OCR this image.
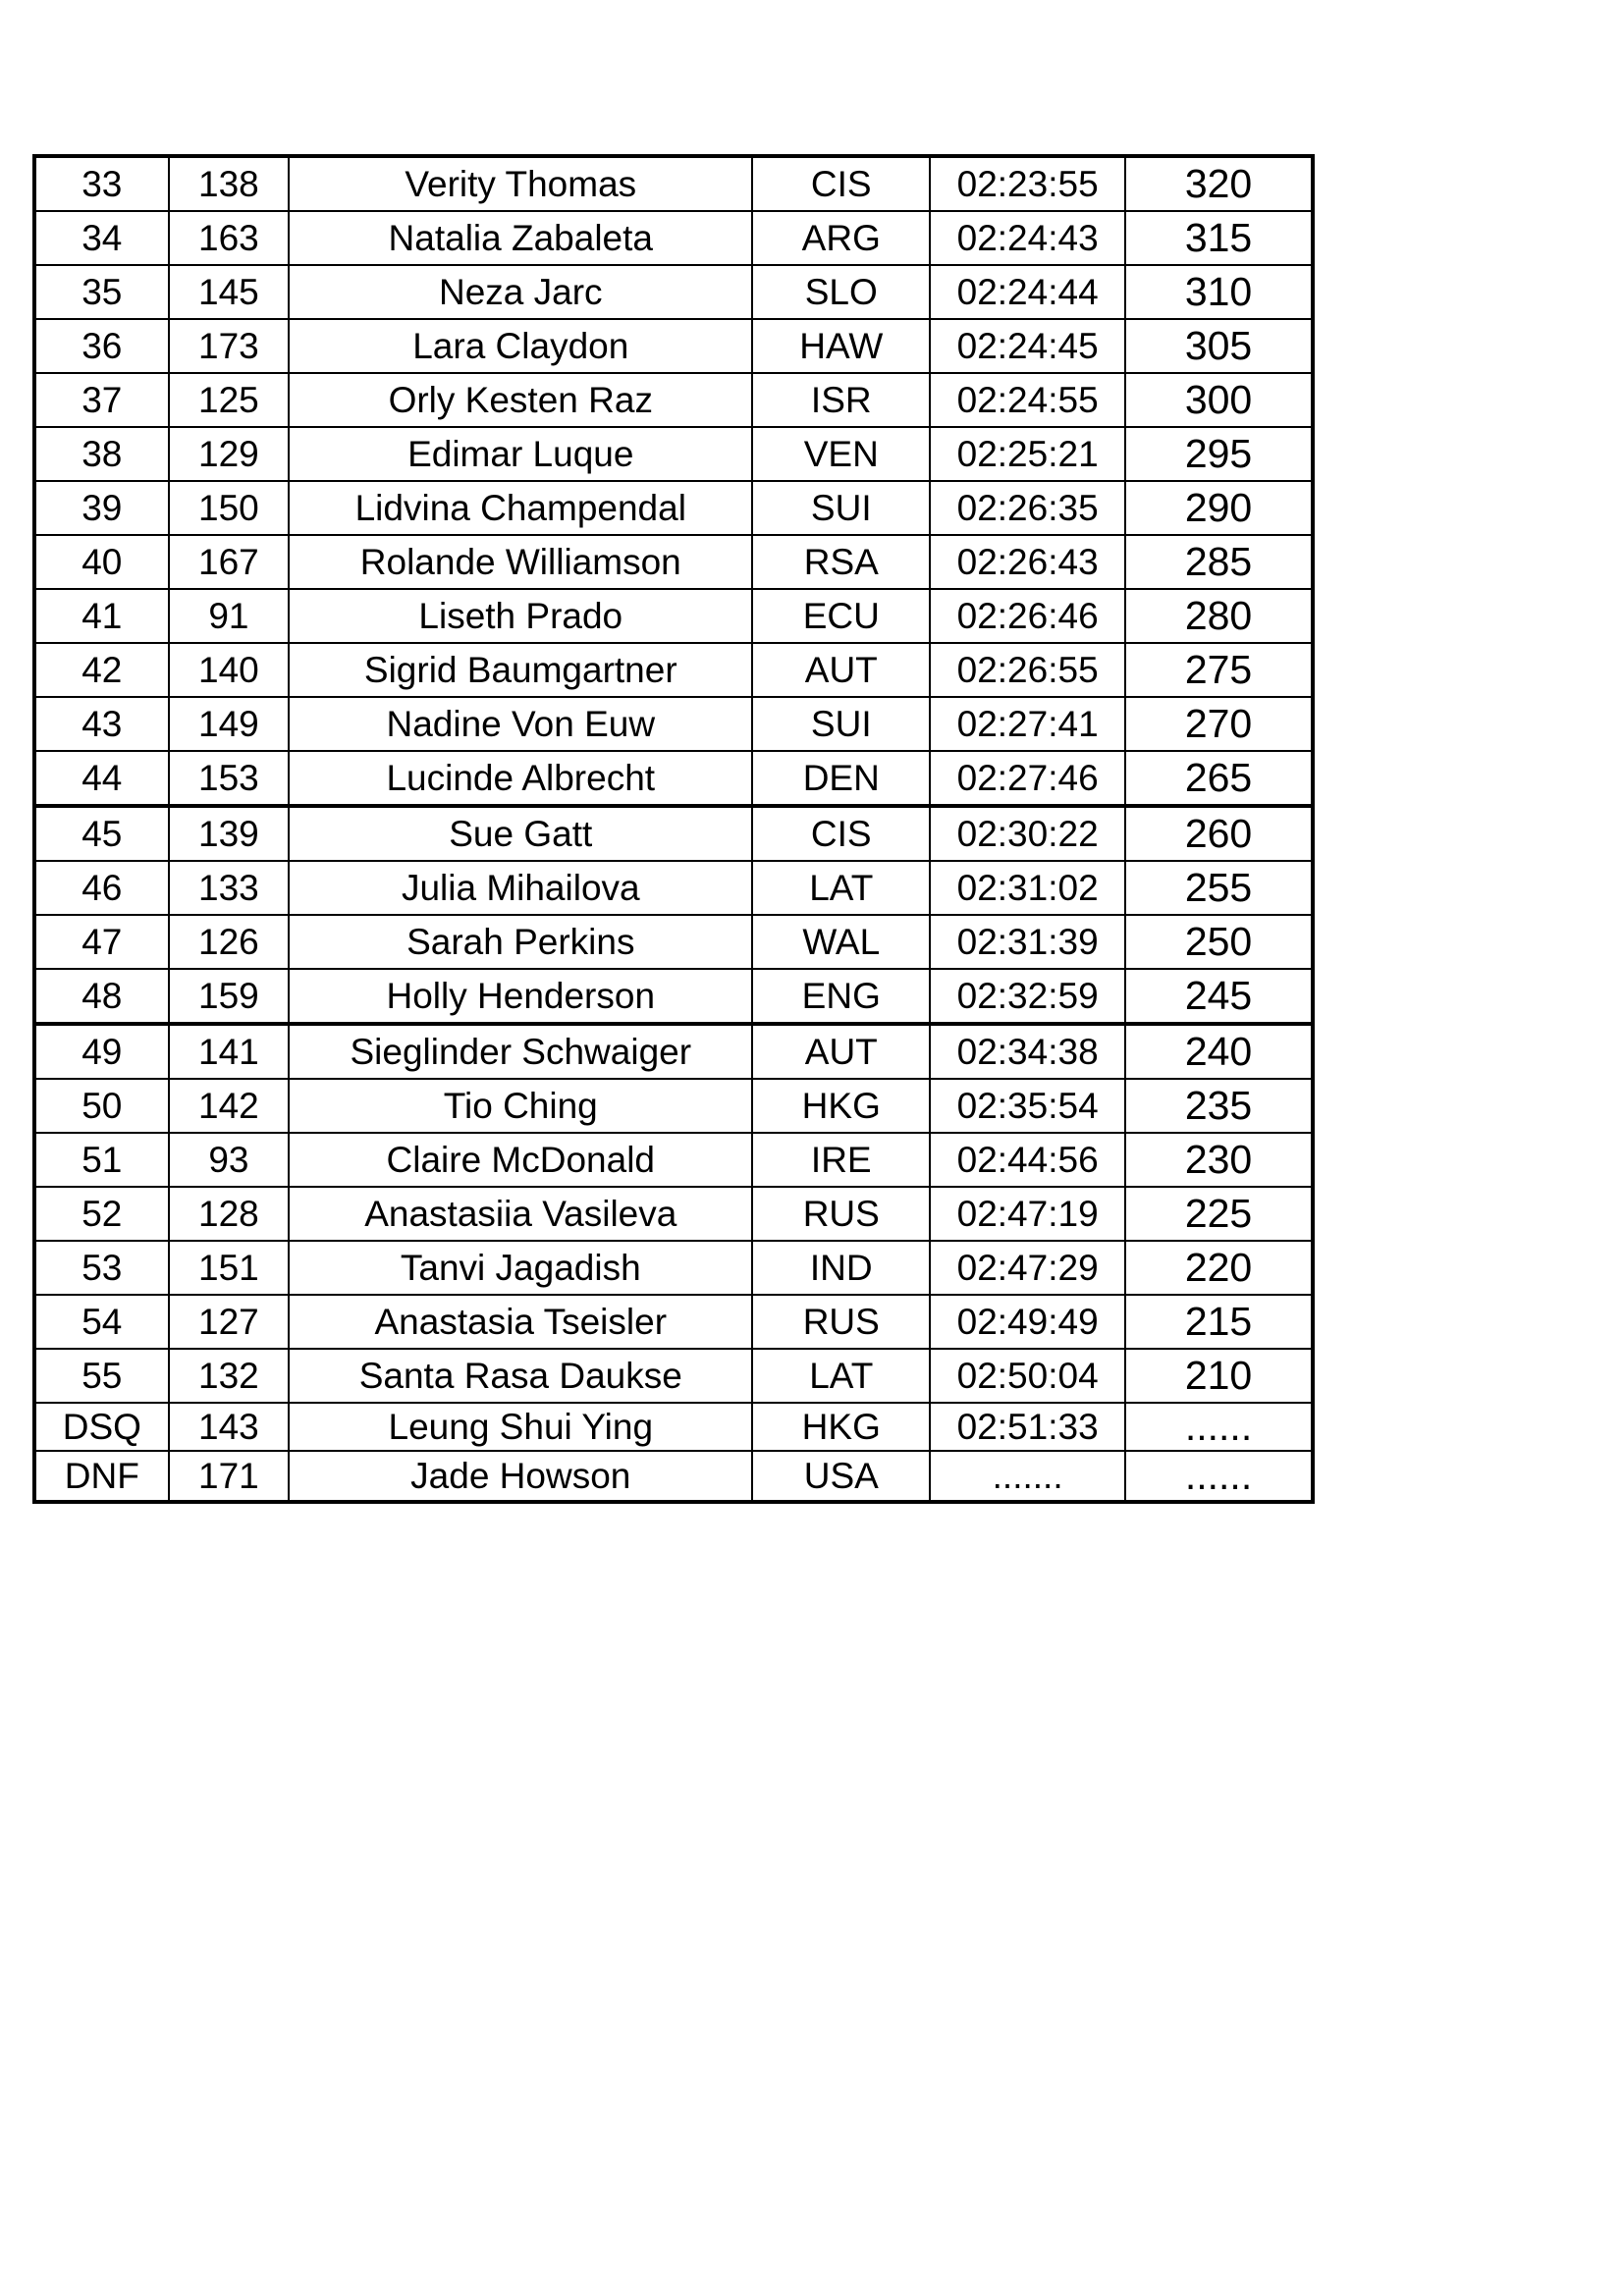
33	138	Verity Thomas	CIS	02:23:55	320
34	163	Natalia Zabaleta	ARG	02:24:43	315
35	145	Neza Jarc	SLO	02:24:44	310
36	173	Lara Claydon	HAW	02:24:45	305
37	125	Orly Kesten Raz	ISR	02:24:55	300
38	129	Edimar Luque	VEN	02:25:21	295
39	150	Lidvina Champendal	SUI	02:26:35	290
40	167	Rolande Williamson	RSA	02:26:43	285
41	91	Liseth Prado	ECU	02:26:46	280
42	140	Sigrid Baumgartner	AUT	02:26:55	275
43	149	Nadine Von Euw	SUI	02:27:41	270
44	153	Lucinde Albrecht	DEN	02:27:46	265
45	139	Sue Gatt	CIS	02:30:22	260
46	133	Julia Mihailova	LAT	02:31:02	255
47	126	Sarah Perkins	WAL	02:31:39	250
48	159	Holly Henderson	ENG	02:32:59	245
49	141	Sieglinder Schwaiger	AUT	02:34:38	240
50	142	Tio Ching	HKG	02:35:54	235
51	93	Claire McDonald	IRE	02:44:56	230
52	128	Anastasiia Vasileva	RUS	02:47:19	225
53	151	Tanvi Jagadish	IND	02:47:29	220
54	127	Anastasia Tseisler	RUS	02:49:49	215
55	132	Santa Rasa Daukse	LAT	02:50:04	210
DSQ	143	Leung Shui Ying	HKG	02:51:33	......
DNF	171	Jade Howson	USA	.......	......
